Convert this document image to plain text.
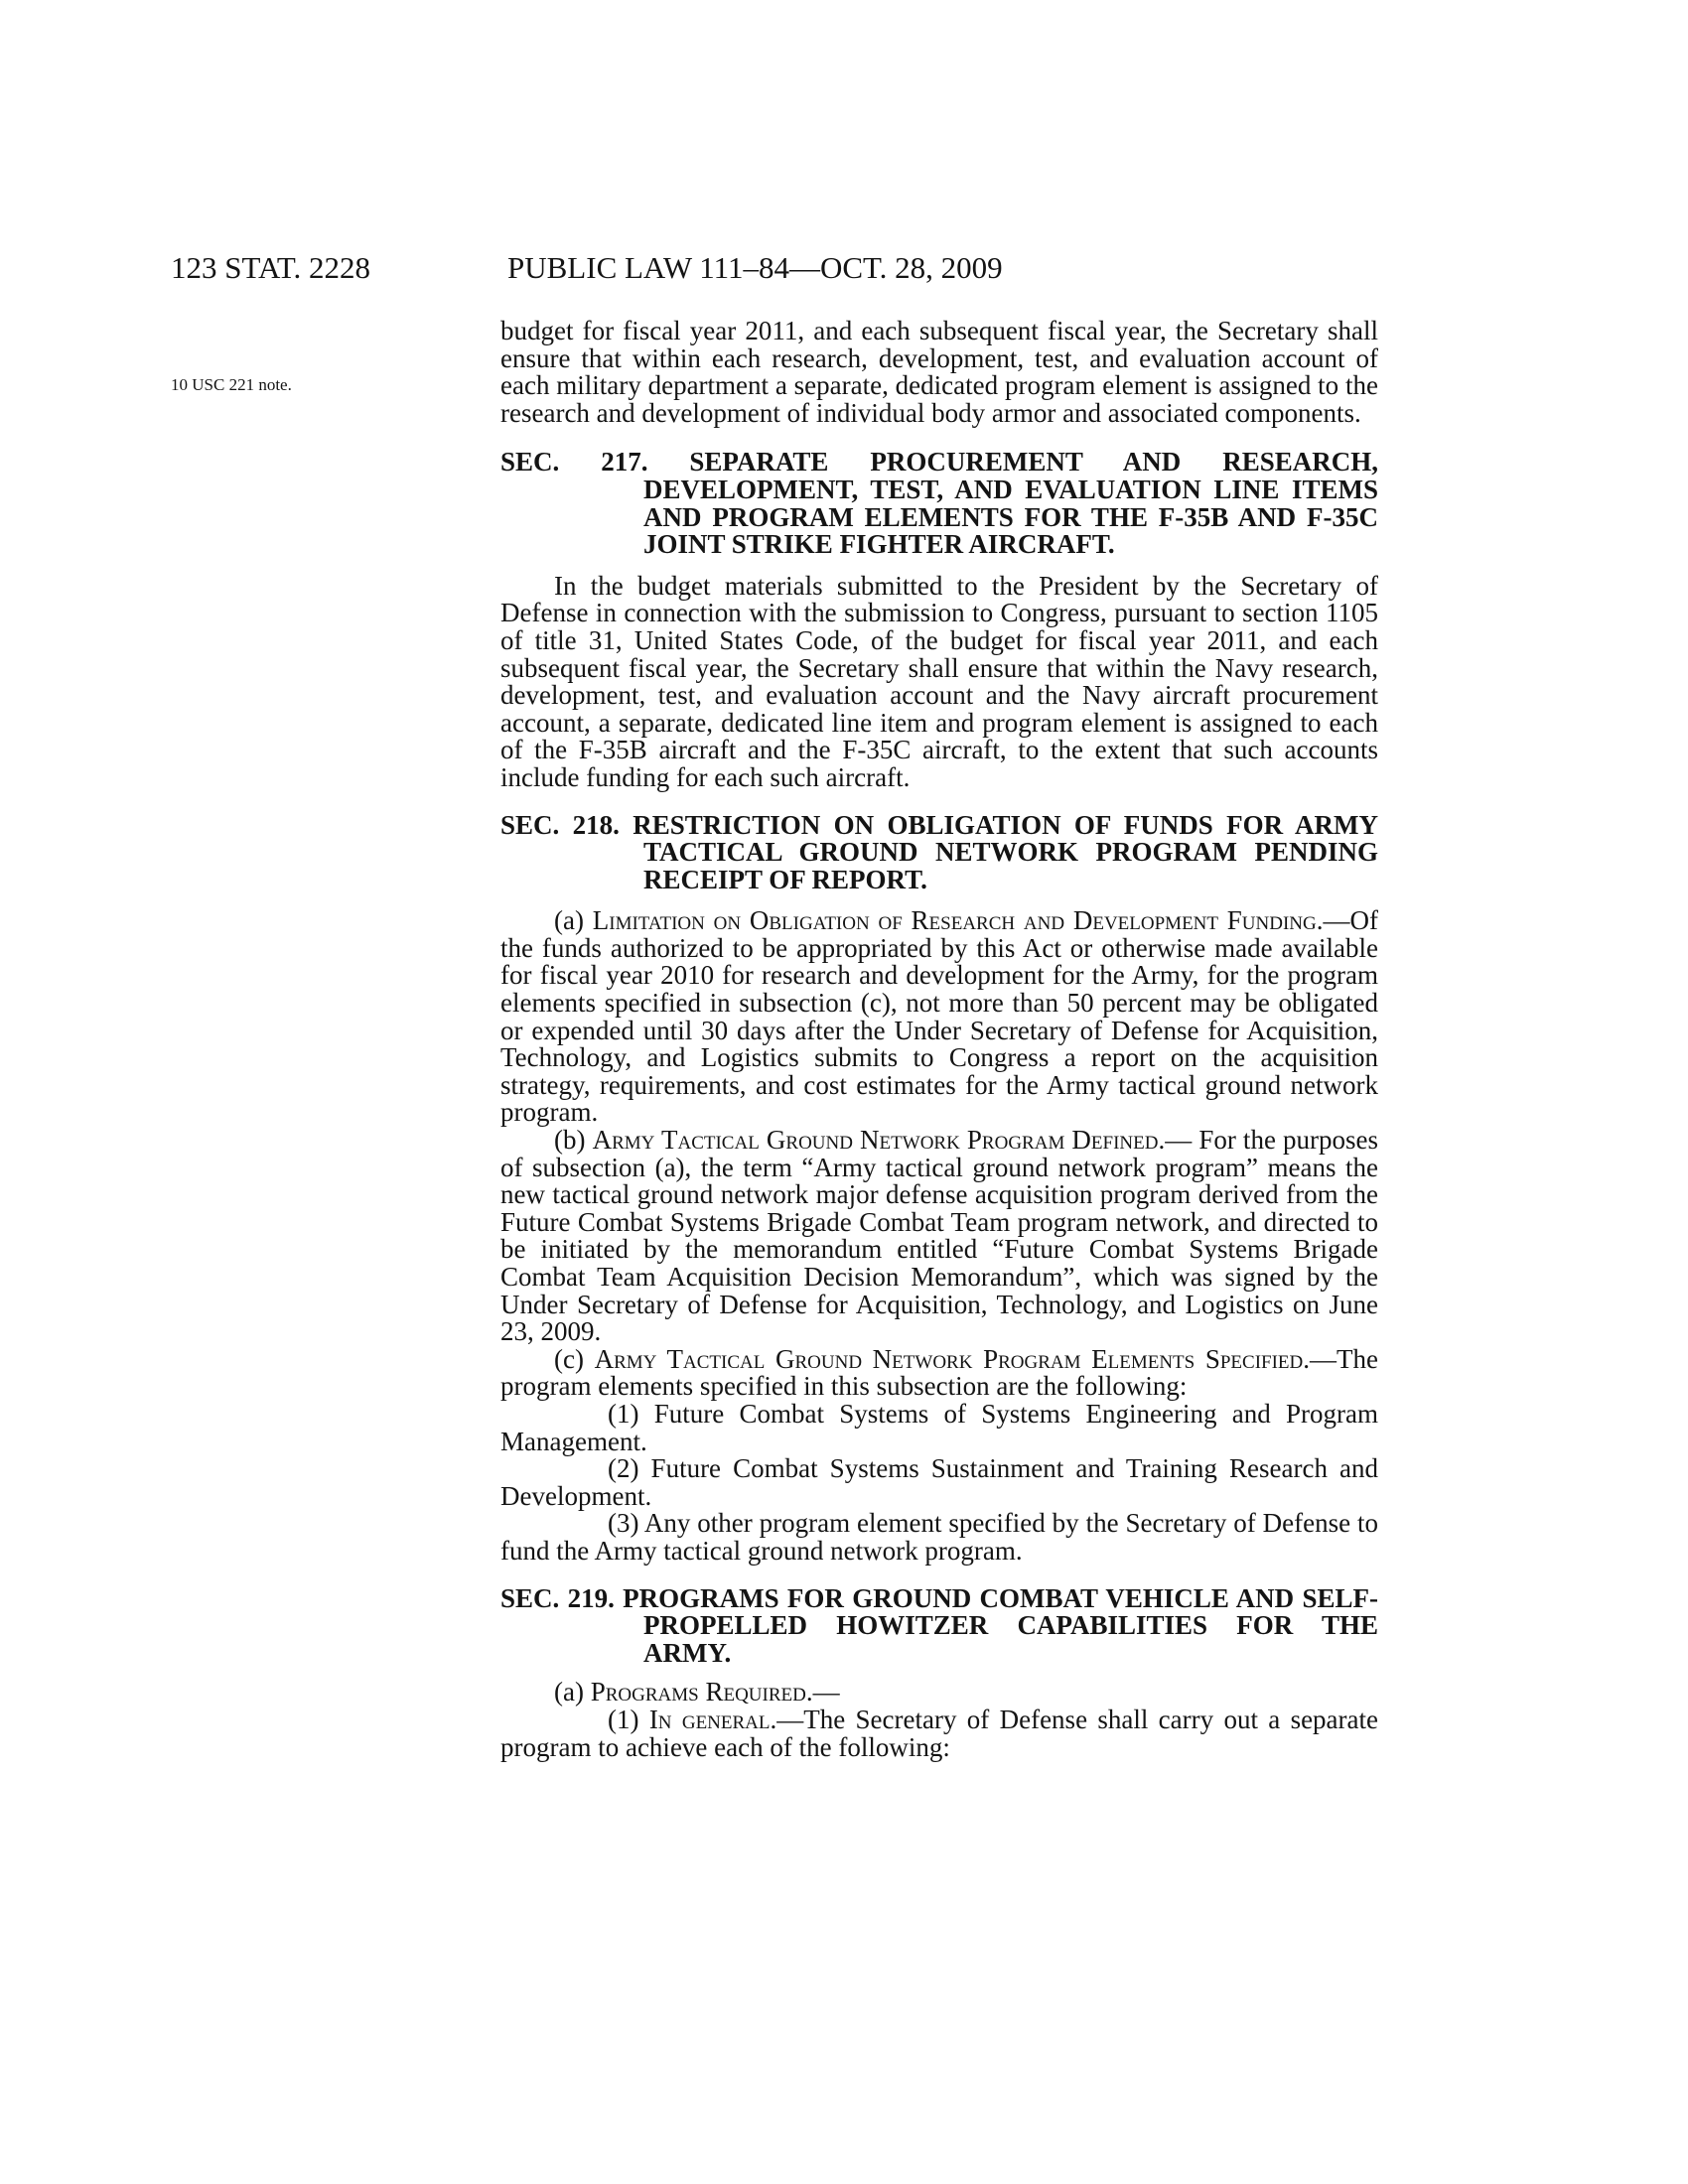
123 STAT. 2228	PUBLIC LAW 111–84—OCT. 28, 2009
10 USC 221 note.

budget for fiscal year 2011, and each subsequent fiscal year, the Secretary shall ensure that within each research, development, test, and evaluation account of each military department a separate, dedicated program element is assigned to the research and development of individual body armor and associated components.

SEC. 217. SEPARATE PROCUREMENT AND RESEARCH, DEVELOPMENT, TEST, AND EVALUATION LINE ITEMS AND PROGRAM ELEMENTS FOR THE F-35B AND F-35C JOINT STRIKE FIGHTER AIRCRAFT.

In the budget materials submitted to the President by the Secretary of Defense in connection with the submission to Congress, pursuant to section 1105 of title 31, United States Code, of the budget for fiscal year 2011, and each subsequent fiscal year, the Secretary shall ensure that within the Navy research, development, test, and evaluation account and the Navy aircraft procurement account, a separate, dedicated line item and program element is assigned to each of the F-35B aircraft and the F-35C aircraft, to the extent that such accounts include funding for each such aircraft.

SEC. 218. RESTRICTION ON OBLIGATION OF FUNDS FOR ARMY TACTICAL GROUND NETWORK PROGRAM PENDING RECEIPT OF REPORT.

(a) Limitation on Obligation of Research and Development Funding.—Of the funds authorized to be appropriated by this Act or otherwise made available for fiscal year 2010 for research and development for the Army, for the program elements specified in subsection (c), not more than 50 percent may be obligated or expended until 30 days after the Under Secretary of Defense for Acquisition, Technology, and Logistics submits to Congress a report on the acquisition strategy, requirements, and cost estimates for the Army tactical ground network program.

(b) Army Tactical Ground Network Program Defined.— For the purposes of subsection (a), the term “Army tactical ground network program” means the new tactical ground network major defense acquisition program derived from the Future Combat Systems Brigade Combat Team program network, and directed to be initiated by the memorandum entitled “Future Combat Systems Brigade Combat Team Acquisition Decision Memorandum”, which was signed by the Under Secretary of Defense for Acquisition, Technology, and Logistics on June 23, 2009.

(c) Army Tactical Ground Network Program Elements Specified.—The program elements specified in this subsection are the following:

(1) Future Combat Systems of Systems Engineering and Program Management.

(2) Future Combat Systems Sustainment and Training Research and Development.

(3) Any other program element specified by the Secretary of Defense to fund the Army tactical ground network program.

SEC. 219. PROGRAMS FOR GROUND COMBAT VEHICLE AND SELF-PROPELLED HOWITZER CAPABILITIES FOR THE ARMY.

(a) Programs Required.—

(1) In general.—The Secretary of Defense shall carry out a separate program to achieve each of the following:
